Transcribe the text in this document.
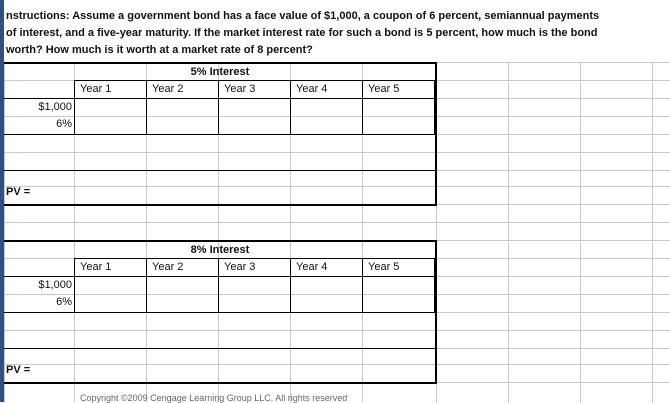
nstructions: Assume a government bond has a face value of $1,000, a coupon of 6 percent, semiannual payments
of interest, and a five-year maturity. If the market interest rate for such a bond is 5 percent, how much is the bond
worth? How much is it worth at a market rate of 8 percent?
5% Interest
Year 1	Year 2	Year 3	Year 4	Year 5
$1,000
6%
PV =
8% Interest
Year 1	Year 2	Year 3	Year 4	Year 5
$1,000
6%
PV =
Copyright ©2009 Cengage Learning Group LLC. All rights reserved
